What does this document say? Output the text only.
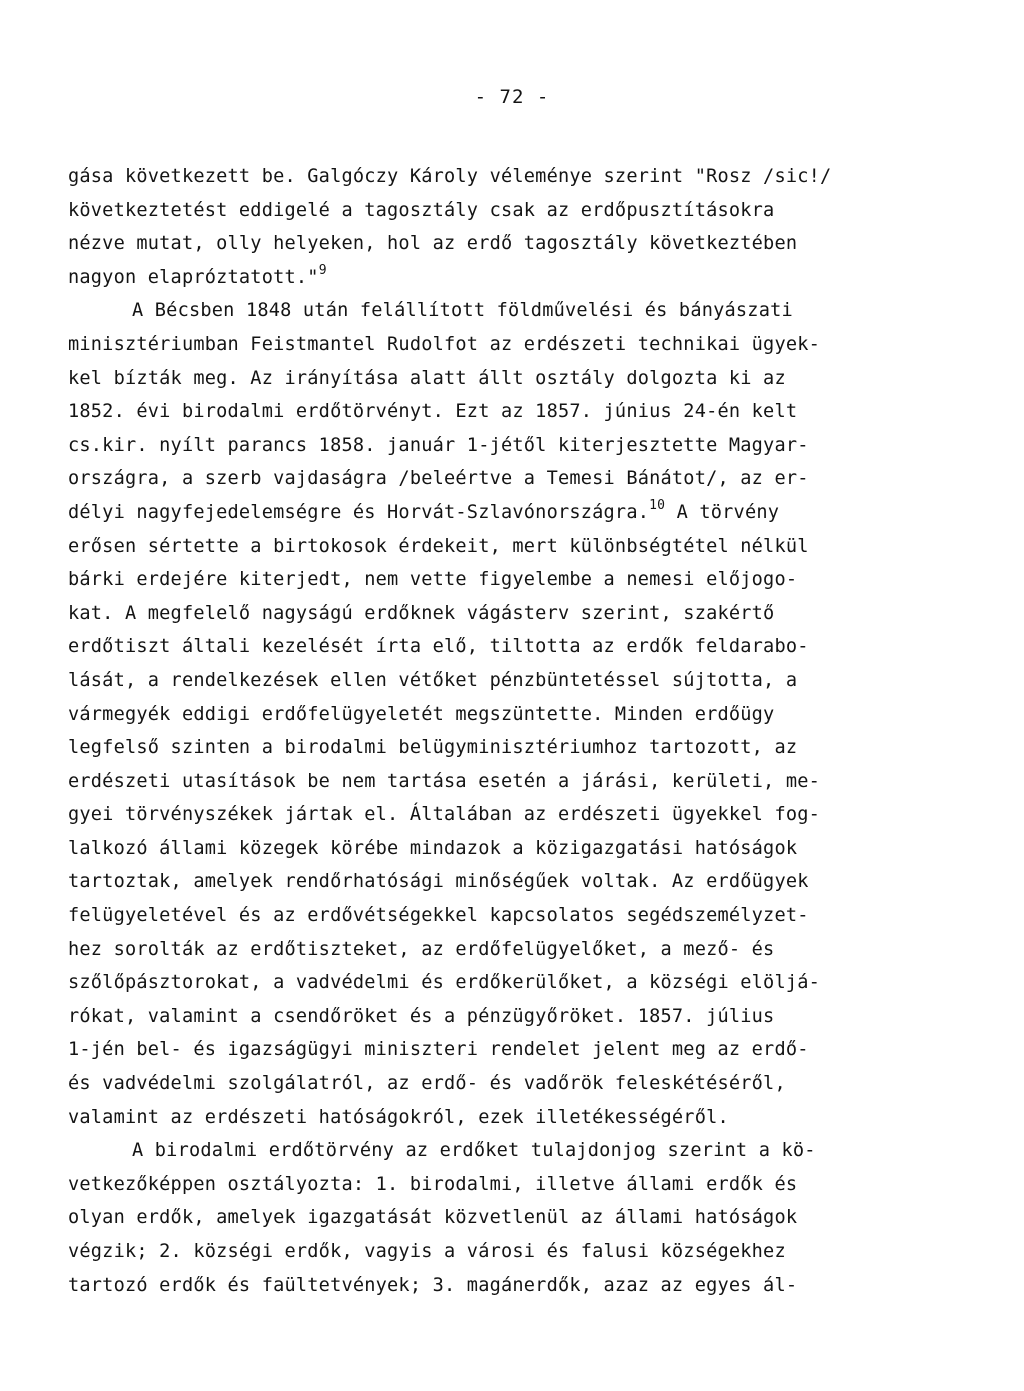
- 72 -
gása következett be. Galgóczy Károly véleménye szerint "Rosz /sic!/
következtetést eddigelé a tagosztály csak az erdőpusztításokra
nézve mutat, olly helyeken, hol az erdő tagosztály következtében
nagyon elapróztatott."$^9$
A Bécsben 1848 után felállított földművelési és bányászati
minisztériumban Feistmantel Rudolfot az erdészeti technikai ügyek-
kel bízták meg. Az irányítása alatt állt osztály dolgozta ki az
1852. évi birodalmi erdőtörvényt. Ezt az 1857. június 24-én kelt
cs.kir. nyílt parancs 1858. január 1-jétől kiterjesztette Magyar-
országra, a szerb vajdaságra /beleértve a Temesi Bánátot/, az er-
délyi nagyfejedelemségre és Horvát-Szlavónországra.$^{10}$ A törvény
erősen sértette a birtokosok érdekeit, mert különbségtétel nélkül
bárki erdejére kiterjedt, nem vette figyelembe a nemesi előjogo-
kat. A megfelelő nagyságú erdőknek vágásterv szerint, szakértő
erdőtiszt általi kezelését írta elő, tiltotta az erdők feldarabo-
lását, a rendelkezések ellen vétőket pénzbüntetéssel sújtotta, a
vármegyék eddigi erdőfelügyeletét megszüntette. Minden erdőügy
legfelső szinten a birodalmi belügyminisztériumhoz tartozott, az
erdészeti utasítások be nem tartása esetén a járási, kerületi, me-
gyei törvényszékek jártak el. Általában az erdészeti ügyekkel fog-
lalkozó állami közegek körébe mindazok a közigazgatási hatóságok
tartoztak, amelyek rendőrhatósági minőségűek voltak. Az erdőügyek
felügyeletével és az erdővétségekkel kapcsolatos segédszemélyzet-
hez sorolták az erdőtiszteket, az erdőfelügyelőket, a mező- és
szőlőpásztorokat, a vadvédelmi és erdőkerülőket, a községi elöljá-
rókat, valamint a csendőröket és a pénzügyőröket. 1857. július
1-jén bel- és igazságügyi miniszteri rendelet jelent meg az erdő-
és vadvédelmi szolgálatról, az erdő- és vadőrök feleskétéséről,
valamint az erdészeti hatóságokról, ezek illetékességéről.
A birodalmi erdőtörvény az erdőket tulajdonjog szerint a kö-
vetkezőképpen osztályozta: 1. birodalmi, illetve állami erdők és
olyan erdők, amelyek igazgatását közvetlenül az állami hatóságok
végzik; 2. községi erdők, vagyis a városi és falusi községekhez
tartozó erdők és faültetvények; 3. magánerdők, azaz az egyes ál-
